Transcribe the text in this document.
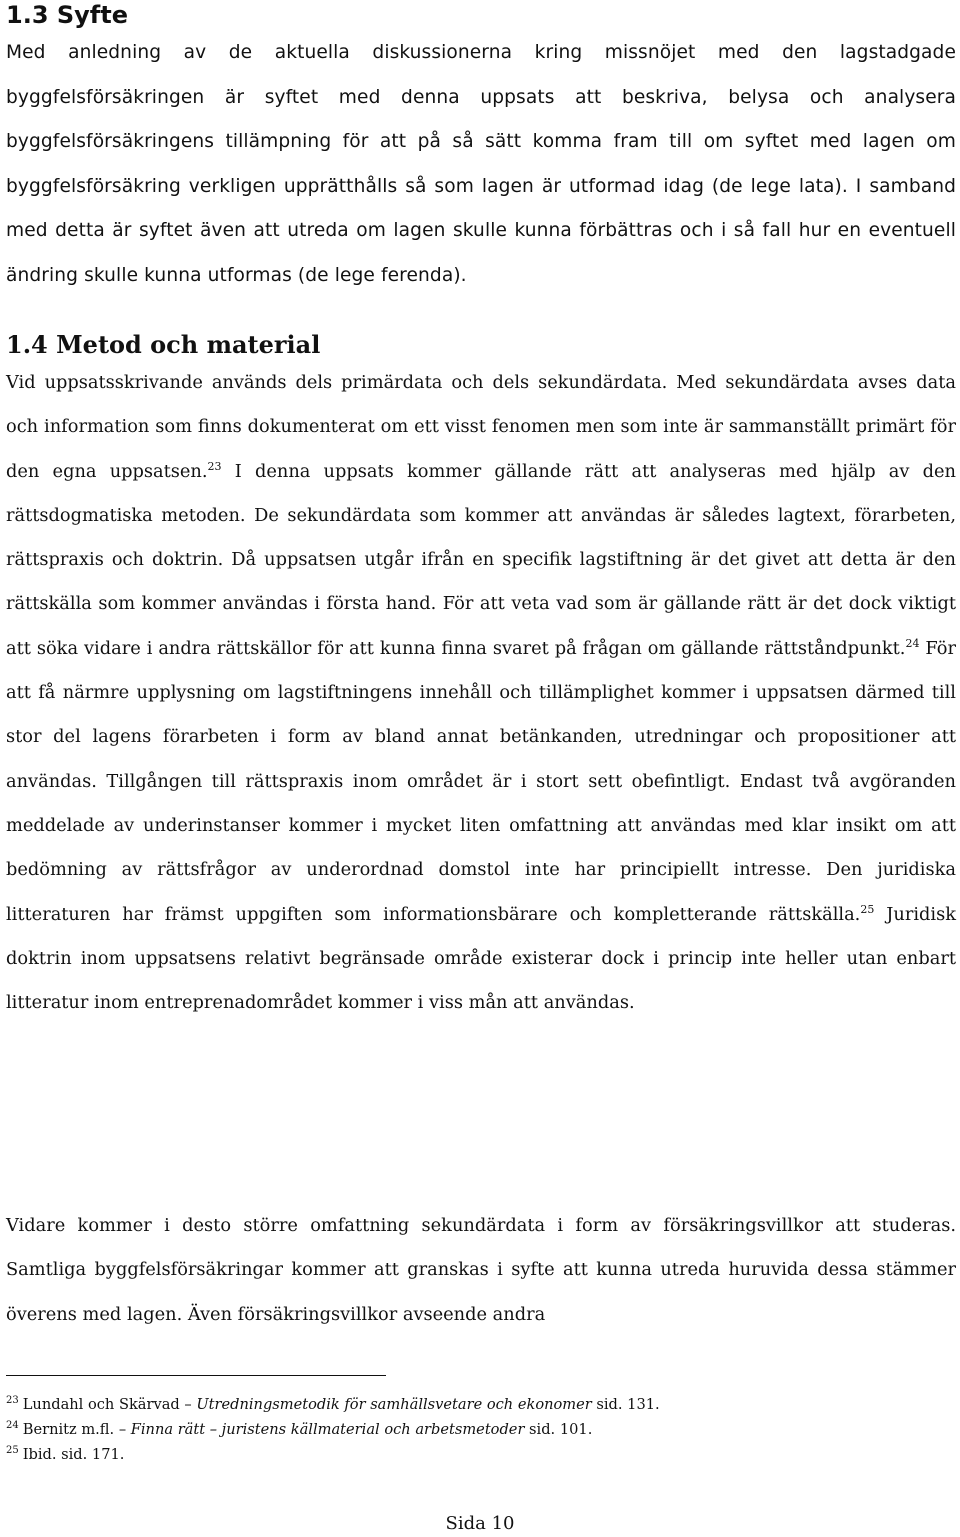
1.3 Syfte

Med anledning av de aktuella diskussionerna kring missnöjet med den lagstadgade byggfelsförsäkringen är syftet med denna uppsats att beskriva, belysa och analysera byggfelsförsäkringens tillämpning för att på så sätt komma fram till om syftet med lagen om byggfelsförsäkring verkligen upprätthålls så som lagen är utformad idag (de lege lata). I samband med detta är syftet även att utreda om lagen skulle kunna förbättras och i så fall hur en eventuell ändring skulle kunna utformas (de lege ferenda).

1.4 Metod och material

Vid uppsatsskrivande används dels primärdata och dels sekundärdata. Med sekundärdata avses data och information som finns dokumenterat om ett visst fenomen men som inte är sammanställt primärt för den egna uppsatsen.$^{23}$ I denna uppsats kommer gällande rätt att analyseras med hjälp av den rättsdogmatiska metoden. De sekundärdata som kommer att användas är således lagtext, förarbeten, rättspraxis och doktrin. Då uppsatsen utgår ifrån en specifik lagstiftning är det givet att detta är den rättskälla som kommer användas i första hand. För att veta vad som är gällande rätt är det dock viktigt att söka vidare i andra rättskällor för att kunna finna svaret på frågan om gällande rättståndpunkt.$^{24}$ För att få närmre upplysning om lagstiftningens innehåll och tillämplighet kommer i uppsatsen därmed till stor del lagens förarbeten i form av bland annat betänkanden, utredningar och propositioner att användas. Tillgången till rättspraxis inom området är i stort sett obefintligt. Endast två avgöranden meddelade av underinstanser kommer i mycket liten omfattning att användas med klar insikt om att bedömning av rättsfrågor av underordnad domstol inte har principiellt intresse. Den juridiska litteraturen har främst uppgiften som informationsbärare och kompletterande rättskälla.$^{25}$ Juridisk doktrin inom uppsatsens relativt begränsade område existerar dock i princip inte heller utan enbart litteratur inom entreprenadområdet kommer i viss mån att användas.

Vidare kommer i desto större omfattning sekundärdata i form av försäkringsvillkor att studeras. Samtliga byggfelsförsäkringar kommer att granskas i syfte att kunna utreda huruvida dessa stämmer överens med lagen. Även försäkringsvillkor avseende andra

$^{23}$ Lundahl och Skärvad – Utredningsmetodik för samhällsvetare och ekonomer sid. 131.

$^{24}$ Bernitz m.fl. – Finna rätt – juristens källmaterial och arbetsmetoder sid. 101.

$^{25}$ Ibid. sid. 171.

Sida 10
